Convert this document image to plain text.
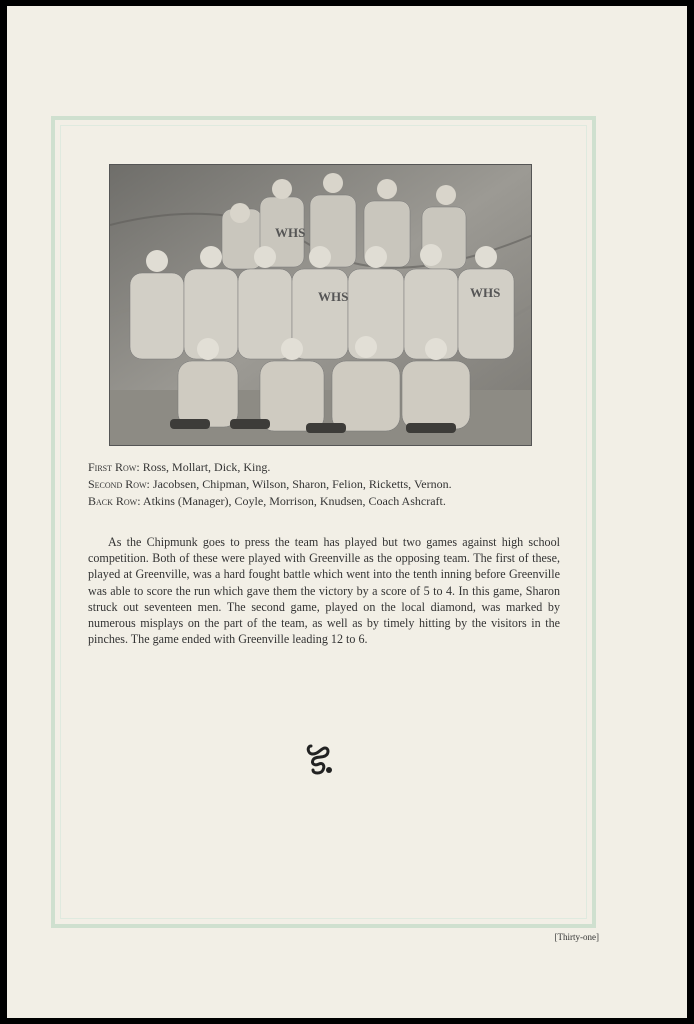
WHS
WHS	WHS
First Row: Ross, Mollart, Dick, King.
Second Row: Jacobsen, Chipman, Wilson, Sharon, Felion, Ricketts, Vernon.
Back Row: Atkins (Manager), Coyle, Morrison, Knudsen, Coach Ashcraft.

As the Chipmunk goes to press the team has played but two games against high school competition. Both of these were played with Greenville as the opposing team. The first of these, played at Greenville, was a hard fought battle which went into the tenth inning before Greenville was able to score the run which gave them the victory by a score of 5 to 4. In this game, Sharon struck out seventeen men. The second game, played on the local diamond, was marked by numerous misplays on the part of the team, as well as by timely hitting by the visitors in the pinches. The game ended with Greenville leading 12 to 6.

[Thirty-one]
